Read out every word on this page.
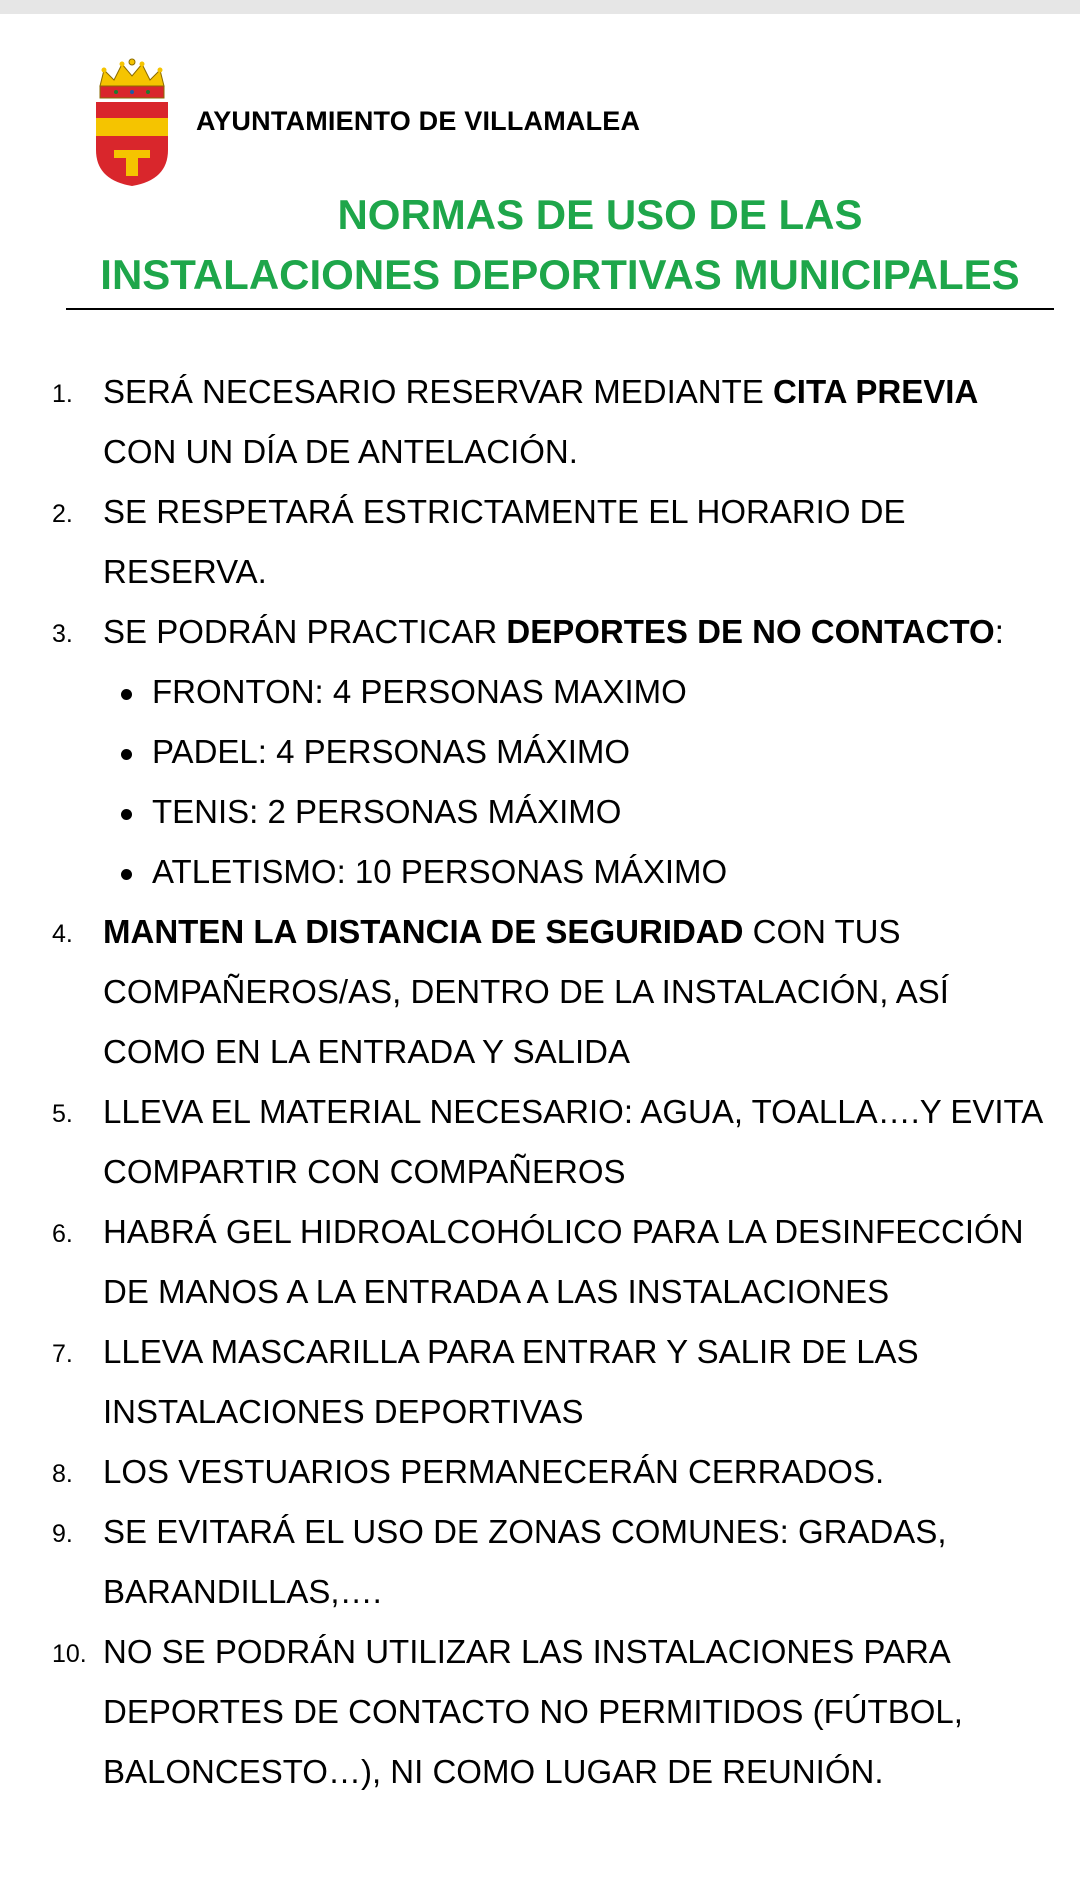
AYUNTAMIENTO DE VILLAMALEA
NORMAS DE USO DE LAS
INSTALACIONES DEPORTIVAS MUNICIPALES
1. SERÁ NECESARIO RESERVAR MEDIANTE CITA PREVIA CON UN DÍA DE ANTELACIÓN.
2. SE RESPETARÁ ESTRICTAMENTE EL HORARIO DE RESERVA.
3. SE PODRÁN PRACTICAR DEPORTES DE NO CONTACTO:
FRONTON: 4 PERSONAS MAXIMO
PADEL: 4 PERSONAS MÁXIMO
TENIS: 2 PERSONAS MÁXIMO
ATLETISMO: 10 PERSONAS MÁXIMO
4. MANTEN LA DISTANCIA DE SEGURIDAD CON TUS COMPAÑEROS/AS, DENTRO DE LA INSTALACIÓN, ASÍ COMO EN LA ENTRADA Y SALIDA
5. LLEVA EL MATERIAL NECESARIO: AGUA, TOALLA….Y EVITA COMPARTIR CON COMPAÑEROS
6. HABRÁ GEL HIDROALCOHÓLICO PARA LA DESINFECCIÓN DE MANOS A LA ENTRADA A LAS INSTALACIONES
7. LLEVA MASCARILLA PARA ENTRAR Y SALIR DE LAS INSTALACIONES DEPORTIVAS
8. LOS VESTUARIOS PERMANECERÁN CERRADOS.
9. SE EVITARÁ EL USO DE ZONAS COMUNES: GRADAS, BARANDILLAS,….
10. NO SE PODRÁN UTILIZAR LAS INSTALACIONES PARA DEPORTES DE CONTACTO NO PERMITIDOS (FÚTBOL, BALONCESTO…), NI COMO LUGAR DE REUNIÓN.
